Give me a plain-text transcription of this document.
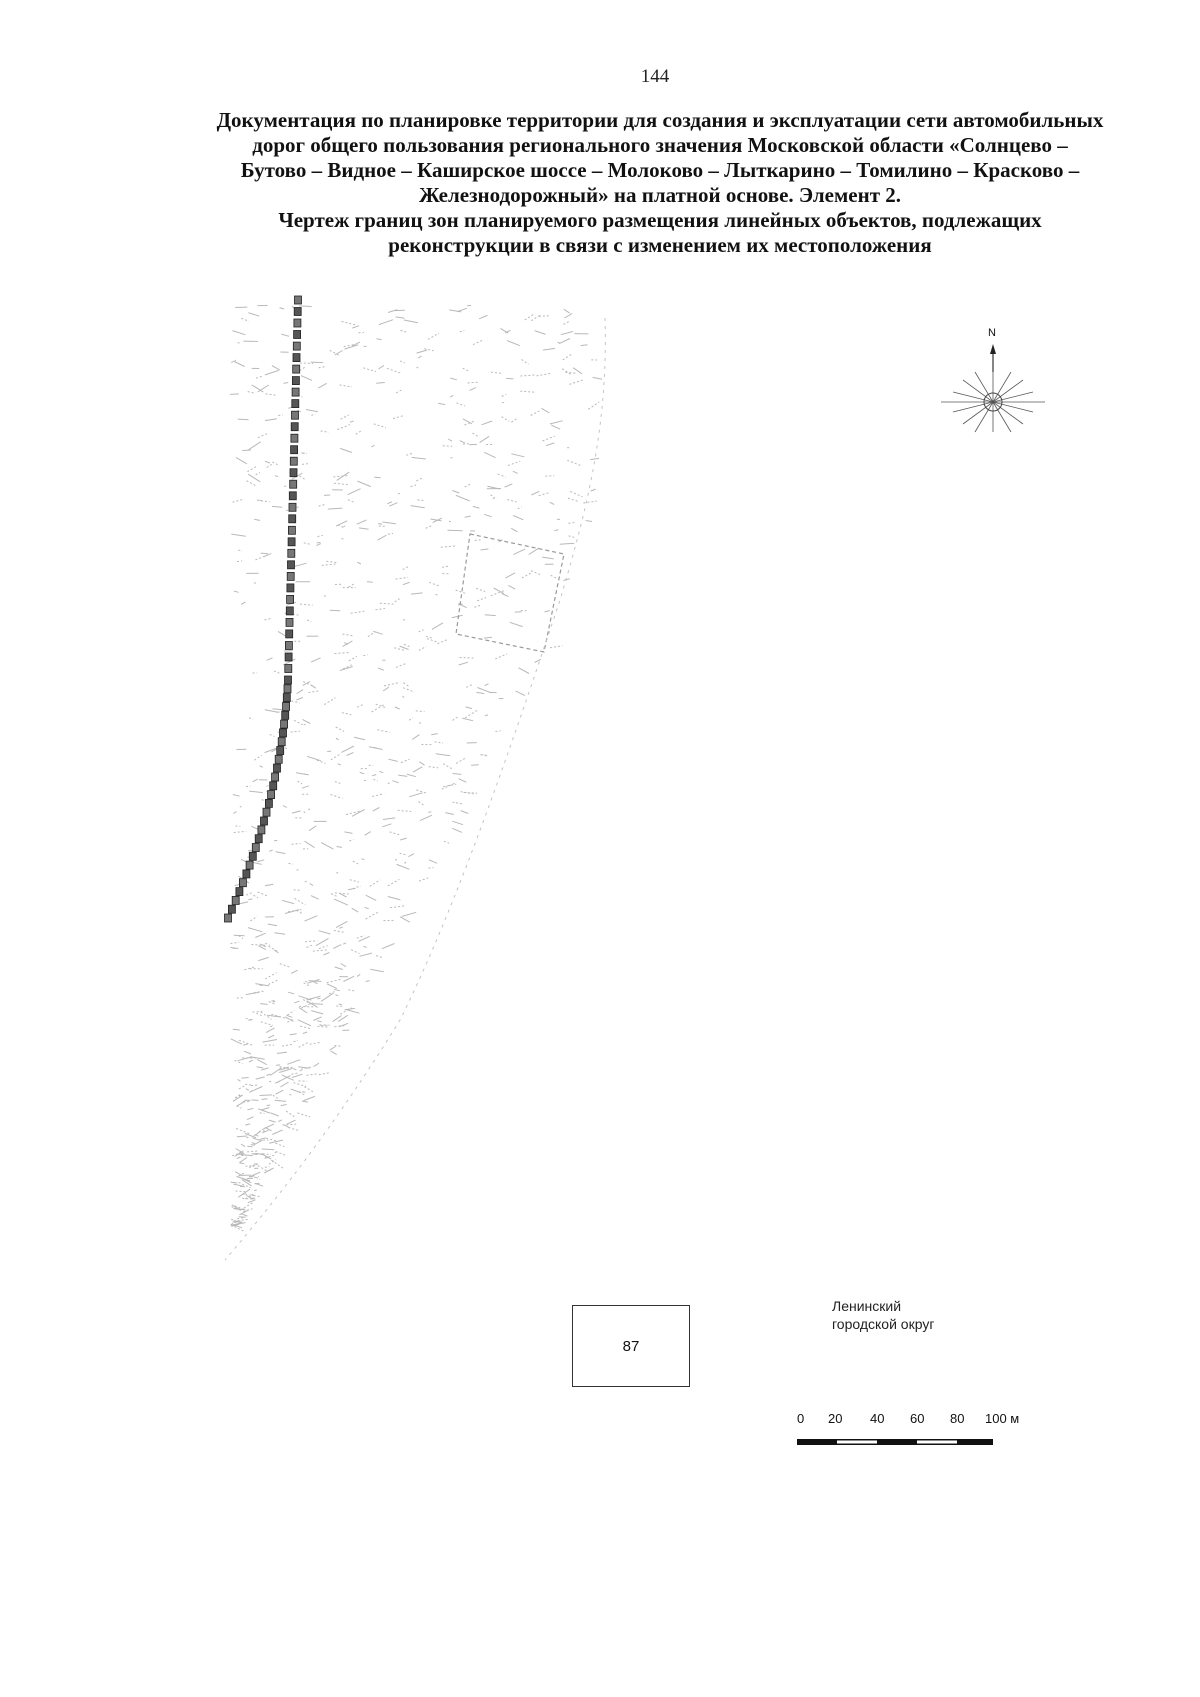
144
Документация по планировке территории для создания и эксплуатации сети автомобильных
дорог общего пользования регионального значения Московской области «Солнцево –
Бутово – Видное – Каширское шоссе – Молоково – Лыткарино – Томилино – Красково –
Железнодорожный» на платной основе. Элемент 2.
Чертеж границ зон планируемого размещения линейных объектов, подлежащих
реконструкции в связи с изменением их местоположения
N
87
Ленинский
городской округ
0 20 40 60 80 100 м
